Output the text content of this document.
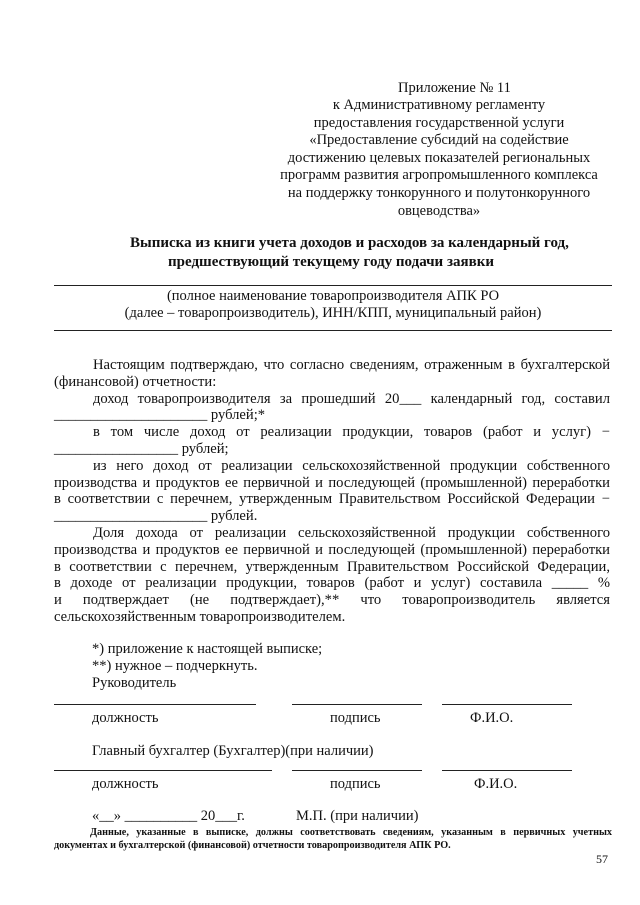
Приложение № 11
к Административному регламенту
предоставления государственной услуги
«Предоставление субсидий на содействие
достижению целевых показателей региональных
программ развития агропромышленного комплекса
на поддержку тонкорунного и полутонкорунного
овцеводства»
Выписка из книги учета доходов и расходов за календарный год,
предшествующий текущему году подачи заявки
(полное наименование товаропроизводителя АПК РО
(далее – товаропроизводитель), ИНН/КПП, муниципальный район)
Настоящим подтверждаю, что согласно сведениям, отраженным в бухгалтерской
(финансовой) отчетности:
доход товаропроизводителя за прошедший 20___ календарный год, составил
_____________________ рублей;*
в том числе доход от реализации продукции, товаров (работ и услуг) −
_________________ рублей;
из него доход от реализации сельскохозяйственной продукции собственного
производства и продуктов ее первичной и последующей (промышленной) переработки
в соответствии с перечнем, утвержденным Правительством Российской Федерации −
_____________________ рублей.
Доля дохода от реализации сельскохозяйственной продукции собственного
производства и продуктов ее первичной и последующей (промышленной) переработки
в соответствии с перечнем, утвержденным Правительством Российской Федерации,
в доходе от реализации продукции, товаров (работ и услуг) составила _____ %
и подтверждает (не подтверждает),** что товаропроизводитель является
сельскохозяйственным товаропроизводителем.
*) приложение к настоящей выписке;
**) нужное – подчеркнуть.
Руководитель
должность	подпись	Ф.И.О.
Главный бухгалтер (Бухгалтер)(при наличии)
должность	подпись	Ф.И.О.
«__» __________ 20___г.	М.П. (при наличии)
Данные, указанные в выписке, должны соответствовать сведениям, указанным в первичных учетных
документах и бухгалтерской (финансовой) отчетности товаропроизводителя АПК РО.
57
